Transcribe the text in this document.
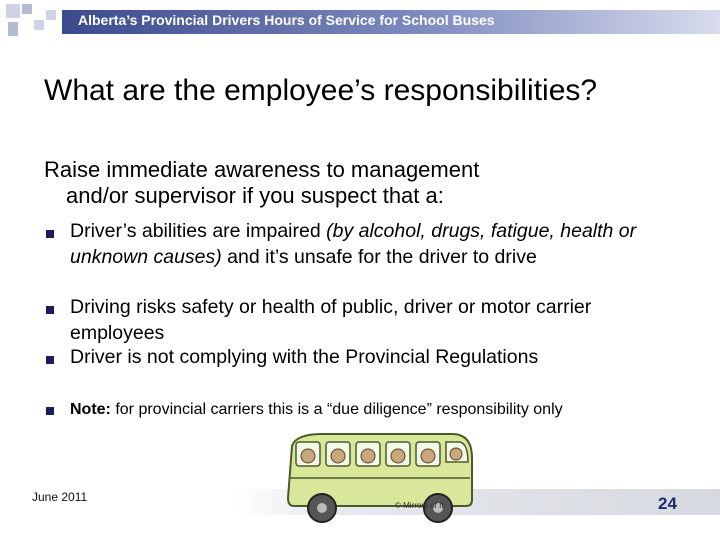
Alberta’s Provincial Drivers Hours of Service for School Buses
What are the employee’s responsibilities?
Raise immediate awareness to management
and/or supervisor if you suspect that a:
Driver’s abilities are impaired (by alcohol, drugs, fatigue, health or unknown causes) and it’s unsafe for the driver to drive
Driving risks safety or health of public, driver or motor carrier employees
Driver is not complying with the Provincial Regulations
Note: for provincial carriers this is a “due diligence” responsibility only
June 2011	24
© Mirrors of It
